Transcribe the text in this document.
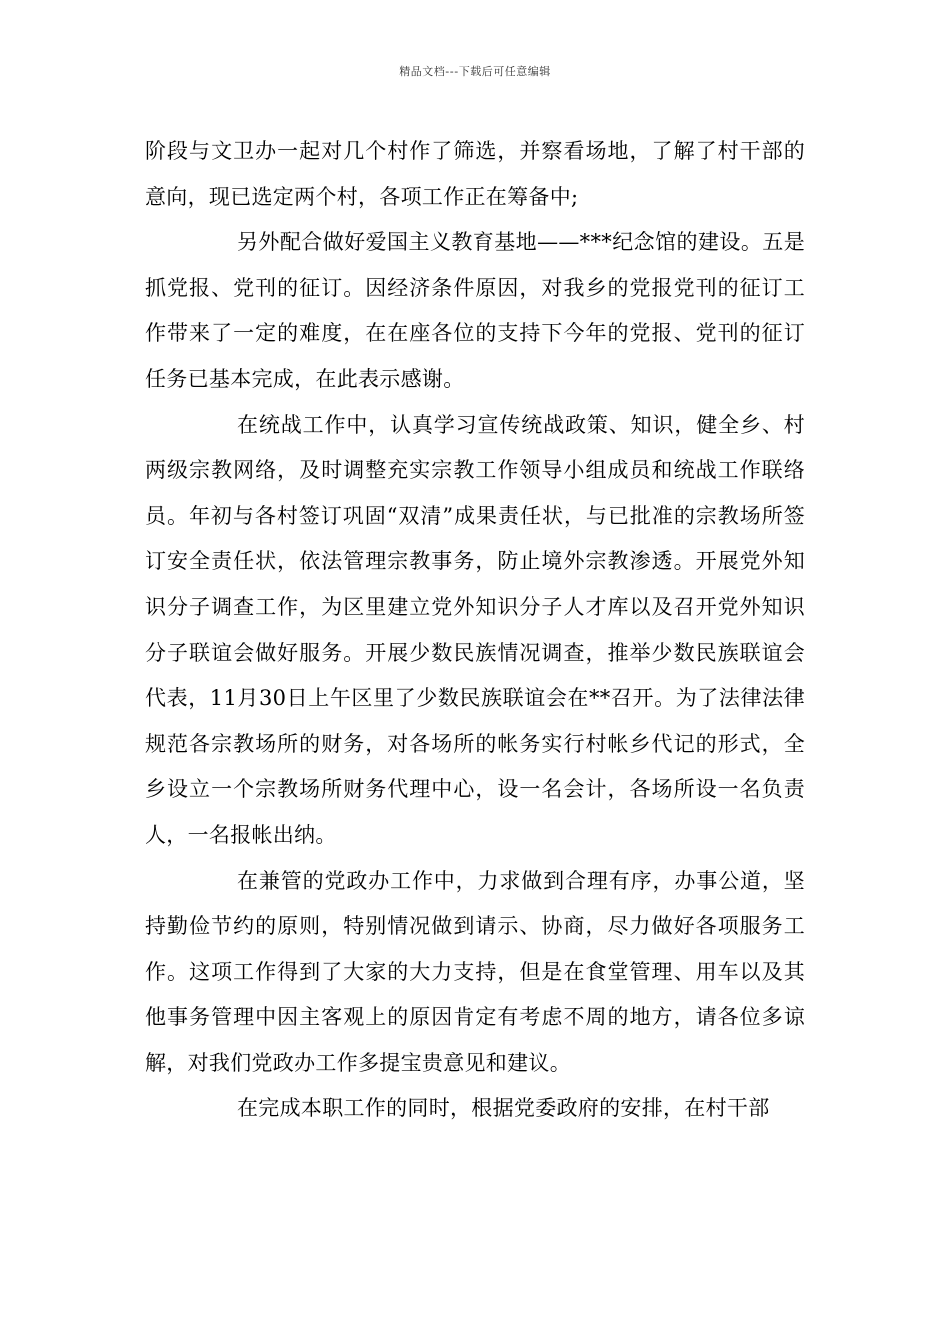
精品文档---下载后可任意编辑

阶段与文卫办一起对几个村作了筛选，并察看场地，了解了村干部的意向，现已选定两个村，各项工作正在筹备中;

另外配合做好爱国主义教育基地——***纪念馆的建设。五是抓党报、党刊的征订。因经济条件原因，对我乡的党报党刊的征订工作带来了一定的难度，在在座各位的支持下今年的党报、党刊的征订任务已基本完成，在此表示感谢。

在统战工作中，认真学习宣传统战政策、知识，健全乡、村两级宗教网络，及时调整充实宗教工作领导小组成员和统战工作联络员。年初与各村签订巩固“双清”成果责任状，与已批准的宗教场所签订安全责任状，依法管理宗教事务，防止境外宗教渗透。开展党外知识分子调查工作，为区里建立党外知识分子人才库以及召开党外知识分子联谊会做好服务。开展少数民族情况调查，推举少数民族联谊会代表，11月30日上午区里了少数民族联谊会在**召开。为了法律法律规范各宗教场所的财务，对各场所的帐务实行村帐乡代记的形式，全乡设立一个宗教场所财务代理中心，设一名会计，各场所设一名负责人，一名报帐出纳。

在兼管的党政办工作中，力求做到合理有序，办事公道，坚持勤俭节约的原则，特别情况做到请示、协商，尽力做好各项服务工作。这项工作得到了大家的大力支持，但是在食堂管理、用车以及其他事务管理中因主客观上的原因肯定有考虑不周的地方，请各位多谅解，对我们党政办工作多提宝贵意见和建议。

在完成本职工作的同时，根据党委政府的安排，在村干部
